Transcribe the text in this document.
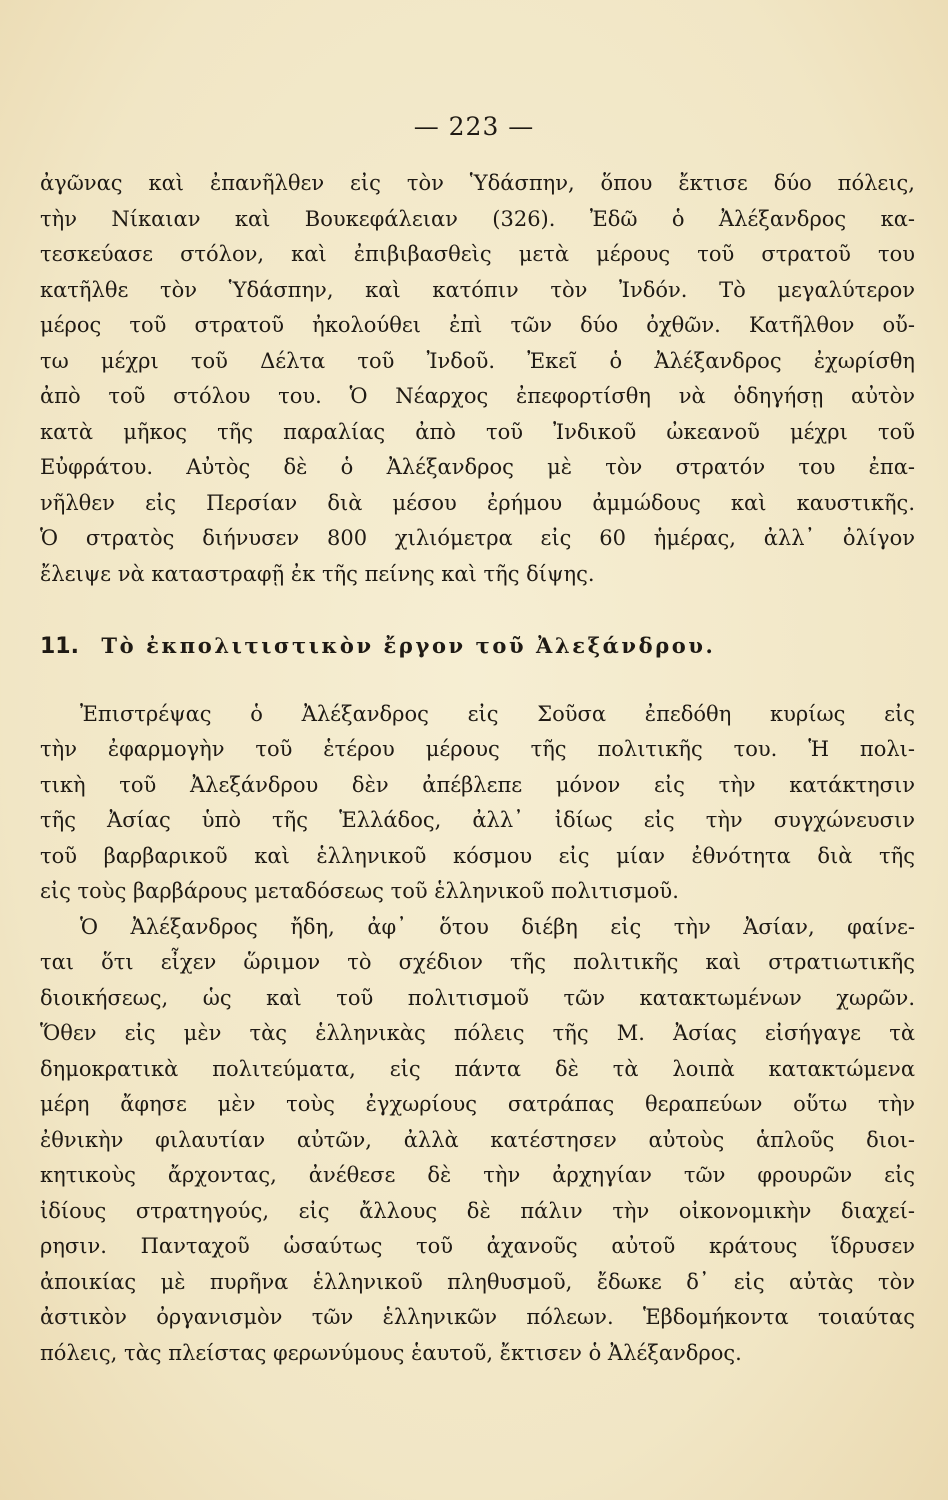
— 223 —
ἀγῶνας καὶ ἐπανῆλθεν εἰς τὸν Ὑδάσπην, ὅπου ἔκτισε δύο πόλεις,
τὴν Νίκαιαν καὶ Βουκεφάλειαν (326). Ἐδῶ ὁ Ἀλέξανδρος κα-
τεσκεύασε στόλον, καὶ ἐπιβιβασθεὶς μετὰ μέρους τοῦ στρατοῦ του
κατῆλθε τὸν Ὑδάσπην, καὶ κατόπιν τὸν Ἰνδόν. Τὸ μεγαλύτερον
μέρος τοῦ στρατοῦ ἠκολούθει ἐπὶ τῶν δύο ὀχθῶν. Κατῆλθον οὔ-
τω μέχρι τοῦ Δέλτα τοῦ Ἰνδοῦ. Ἐκεῖ ὁ Ἀλέξανδρος ἐχωρίσθη
ἀπὸ τοῦ στόλου του. Ὁ Νέαρχος ἐπεφορτίσθη νὰ ὁδηγήσῃ αὐτὸν
κατὰ μῆκος τῆς παραλίας ἀπὸ τοῦ Ἰνδικοῦ ὠκεανοῦ μέχρι τοῦ
Εὐφράτου. Αὐτὸς δὲ ὁ Ἀλέξανδρος μὲ τὸν στρατόν του ἐπα-
νῆλθεν εἰς Περσίαν διὰ μέσου ἐρήμου ἀμμώδους καὶ καυστικῆς.
Ὁ στρατὸς διήνυσεν 800 χιλιόμετρα εἰς 60 ἡμέρας, ἀλλ᾽ ὀλίγον
ἔλειψε νὰ καταστραφῇ ἐκ τῆς πείνης καὶ τῆς δίψης.
11. Τὸ ἐκπολιτιστικὸν ἔργον τοῦ Ἀλεξάνδρου.
Ἐπιστρέψας ὁ Ἀλέξανδρος εἰς Σοῦσα ἐπεδόθη κυρίως εἰς
τὴν ἐφαρμογὴν τοῦ ἑτέρου μέρους τῆς πολιτικῆς του. Ἡ πολι-
τικὴ τοῦ Ἀλεξάνδρου δὲν ἀπέβλεπε μόνον εἰς τὴν κατάκτησιν
τῆς Ἀσίας ὑπὸ τῆς Ἑλλάδος, ἀλλ᾽ ἰδίως εἰς τὴν συγχώνευσιν
τοῦ βαρβαρικοῦ καὶ ἑλληνικοῦ κόσμου εἰς μίαν ἐθνότητα διὰ τῆς
εἰς τοὺς βαρβάρους μεταδόσεως τοῦ ἑλληνικοῦ πολιτισμοῦ.
Ὁ Ἀλέξανδρος ἤδη, ἀφ᾽ ὅτου διέβη εἰς τὴν Ἀσίαν, φαίνε-
ται ὅτι εἶχεν ὥριμον τὸ σχέδιον τῆς πολιτικῆς καὶ στρατιωτικῆς
διοικήσεως, ὡς καὶ τοῦ πολιτισμοῦ τῶν κατακτωμένων χωρῶν.
Ὅθεν εἰς μὲν τὰς ἑλληνικὰς πόλεις τῆς Μ. Ἀσίας εἰσήγαγε τὰ
δημοκρατικὰ πολιτεύματα, εἰς πάντα δὲ τὰ λοιπὰ κατακτώμενα
μέρη ἄφησε μὲν τοὺς ἐγχωρίους σατράπας θεραπεύων οὕτω τὴν
ἐθνικὴν φιλαυτίαν αὐτῶν, ἀλλὰ κατέστησεν αὐτοὺς ἁπλοῦς διοι-
κητικοὺς ἄρχοντας, ἀνέθεσε δὲ τὴν ἀρχηγίαν τῶν φρουρῶν εἰς
ἰδίους στρατηγούς, εἰς ἄλλους δὲ πάλιν τὴν οἰκονομικὴν διαχεί-
ρησιν. Πανταχοῦ ὡσαύτως τοῦ ἀχανοῦς αὐτοῦ κράτους ἵδρυσεν
ἀποικίας μὲ πυρῆνα ἑλληνικοῦ πληθυσμοῦ, ἔδωκε δ᾽ εἰς αὐτὰς τὸν
ἀστικὸν ὀργανισμὸν τῶν ἑλληνικῶν πόλεων. Ἑβδομήκοντα τοιαύτας
πόλεις, τὰς πλείστας φερωνύμους ἑαυτοῦ, ἔκτισεν ὁ Ἀλέξανδρος.
